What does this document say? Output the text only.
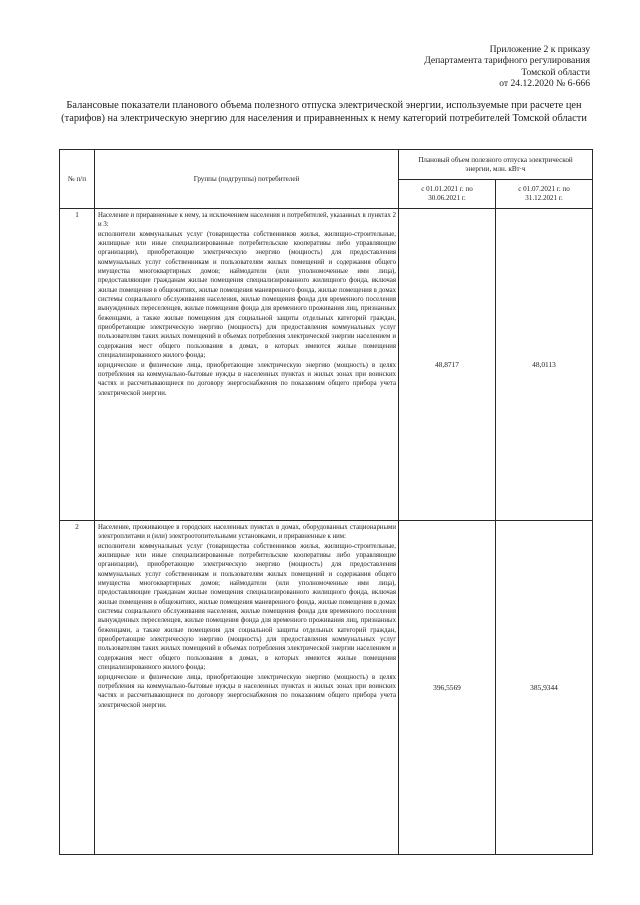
Приложение 2 к приказу
Департамента тарифного регулирования
Томской области
от 24.12.2020 № 6-666
Балансовые показатели планового объема полезного отпуска электрической энергии, используемые при расчете цен (тарифов) на электрическую энергию для населения и приравненных к нему категорий потребителей Томской области
№ п/п	Группы (подгруппы) потребителей	Плановый объем полезного отпуска электрической энергии, млн. кВт·ч	
		с 01.01.2021 г. по 30.06.2021 г.	с 01.07.2021 г. по 31.12.2021 г.
1	Население и приравненные к нему, за исключением населения и потребителей, указанных в пунктах 2 и 3:
исполнители коммунальных услуг (товарищества собственников жилья, жилищно-строительные, жилищные или иные специализированные потребительские кооперативы либо управляющие организации), приобретающие электрическую энергию (мощность) для предоставления коммунальных услуг собственникам и пользователям жилых помещений и содержания общего имущества многоквартирных домов; наймодатели (или уполномоченные ими лица), предоставляющие гражданам жилые помещения специализированного жилищного фонда, включая жилые помещения в общежитиях, жилые помещения маневренного фонда, жилые помещения в домах системы социального обслуживания населения, жилые помещения фонда для временного поселения вынужденных переселенцев, жилые помещения фонда для временного проживания лиц, признанных беженцами, а также жилые помещения для социальной защиты отдельных категорий граждан, приобретающие электрическую энергию (мощность) для предоставления коммунальных услуг пользователям таких жилых помещений в объемах потребления электрической энергии населением и содержания мест общего пользования в домах, в которых имеются жилые помещения специализированного жилого фонда;
юридические и физические лица, приобретающие электрическую энергию (мощность) в целях потребления на коммунально-бытовые нужды в населенных пунктах и жилых зонах при воинских частях и рассчитывающиеся по договору энергоснабжения по показаниям общего прибора учета электрической энергии.	48,8717	48,0113
2	Население, проживающее в городских населенных пунктах в домах, оборудованных стационарными электроплитами и (или) электроотопительными установками, и приравненные к ним:
исполнители коммунальных услуг (товарищества собственников жилья, жилищно-строительные, жилищные или иные специализированные потребительские кооперативы либо управляющие организации), приобретающие электрическую энергию (мощность) для предоставления коммунальных услуг собственникам и пользователям жилых помещений и содержания общего имущества многоквартирных домов; наймодатели (или уполномоченные ими лица), предоставляющие гражданам жилые помещения специализированного жилищного фонда, включая жилые помещения в общежитиях, жилые помещения маневренного фонда, жилые помещения в домах системы социального обслуживания населения, жилые помещения фонда для временного поселения вынужденных переселенцев, жилые помещения фонда для временного проживания лиц, признанных беженцами, а также жилые помещения для социальной защиты отдельных категорий граждан, приобретающие электрическую энергию (мощность) для предоставления коммунальных услуг пользователям таких жилых помещений в объемах потребления электрической энергии населением и содержания мест общего пользования в домах, в которых имеются жилые помещения специализированного жилого фонда;
юридические и физические лица, приобретающие электрическую энергию (мощность) в целях потребления на коммунально-бытовые нужды в населенных пунктах и жилых зонах при воинских частях и рассчитывающиеся по договору энергоснабжения по показаниям общего прибора учета электрической энергии.	396,5569	385,9344
